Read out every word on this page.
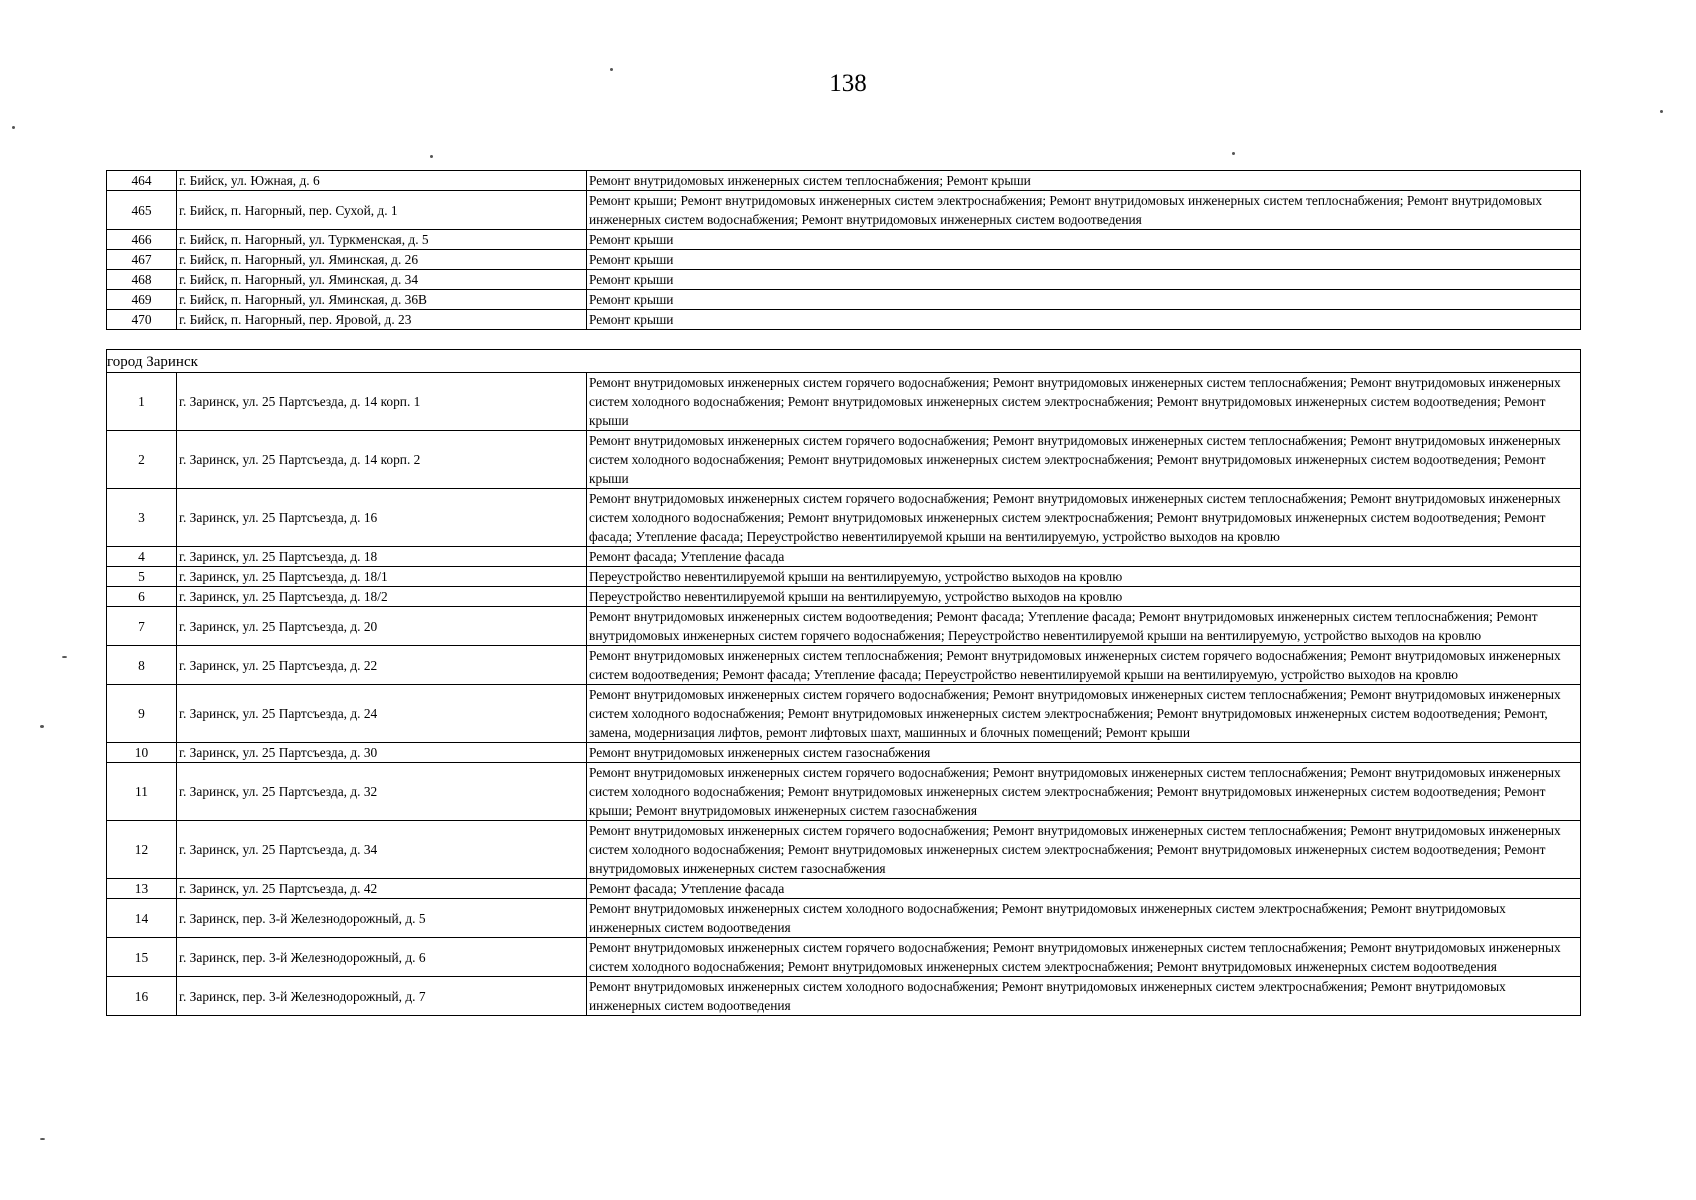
138
464	г. Бийск, ул. Южная, д. 6	Ремонт внутридомовых инженерных систем теплоснабжения; Ремонт крыши
465	г. Бийск, п. Нагорный, пер. Сухой, д. 1	Ремонт крыши; Ремонт внутридомовых инженерных систем электроснабжения; Ремонт внутридомовых инженерных систем теплоснабжения; Ремонт внутридомовых инженерных систем водоснабжения; Ремонт внутридомовых инженерных систем водоотведения
466	г. Бийск, п. Нагорный, ул. Туркменская, д. 5	Ремонт крыши
467	г. Бийск, п. Нагорный, ул. Яминская, д. 26	Ремонт крыши
468	г. Бийск, п. Нагорный, ул. Яминская, д. 34	Ремонт крыши
469	г. Бийск, п. Нагорный, ул. Яминская, д. 36В	Ремонт крыши
470	г. Бийск, п. Нагорный, пер. Яровой, д. 23	Ремонт крыши

город Заринск		
1	г. Заринск, ул. 25 Партсъезда, д. 14 корп. 1	Ремонт внутридомовых инженерных систем горячего водоснабжения; Ремонт внутридомовых инженерных систем теплоснабжения; Ремонт внутридомовых инженерных систем холодного водоснабжения; Ремонт внутридомовых инженерных систем электроснабжения; Ремонт внутридомовых инженерных систем водоотведения; Ремонт крыши
2	г. Заринск, ул. 25 Партсъезда, д. 14 корп. 2	Ремонт внутридомовых инженерных систем горячего водоснабжения; Ремонт внутридомовых инженерных систем теплоснабжения; Ремонт внутридомовых инженерных систем холодного водоснабжения; Ремонт внутридомовых инженерных систем электроснабжения; Ремонт внутридомовых инженерных систем водоотведения; Ремонт крыши
3	г. Заринск, ул. 25 Партсъезда, д. 16	Ремонт внутридомовых инженерных систем горячего водоснабжения; Ремонт внутридомовых инженерных систем теплоснабжения; Ремонт внутридомовых инженерных систем холодного водоснабжения; Ремонт внутридомовых инженерных систем электроснабжения; Ремонт внутридомовых инженерных систем водоотведения; Ремонт фасада; Утепление фасада; Переустройство невентилируемой крыши на вентилируемую, устройство выходов на кровлю
4	г. Заринск, ул. 25 Партсъезда, д. 18	Ремонт фасада; Утепление фасада
5	г. Заринск, ул. 25 Партсъезда, д. 18/1	Переустройство невентилируемой крыши на вентилируемую, устройство выходов на кровлю
6	г. Заринск, ул. 25 Партсъезда, д. 18/2	Переустройство невентилируемой крыши на вентилируемую, устройство выходов на кровлю
7	г. Заринск, ул. 25 Партсъезда, д. 20	Ремонт внутридомовых инженерных систем водоотведения; Ремонт фасада; Утепление фасада; Ремонт внутридомовых инженерных систем теплоснабжения; Ремонт внутридомовых инженерных систем горячего водоснабжения; Переустройство невентилируемой крыши на вентилируемую, устройство выходов на кровлю
8	г. Заринск, ул. 25 Партсъезда, д. 22	Ремонт внутридомовых инженерных систем теплоснабжения; Ремонт внутридомовых инженерных систем горячего водоснабжения; Ремонт внутридомовых инженерных систем водоотведения; Ремонт фасада; Утепление фасада; Переустройство невентилируемой крыши на вентилируемую, устройство выходов на кровлю
9	г. Заринск, ул. 25 Партсъезда, д. 24	Ремонт внутридомовых инженерных систем горячего водоснабжения; Ремонт внутридомовых инженерных систем теплоснабжения; Ремонт внутридомовых инженерных систем холодного водоснабжения; Ремонт внутридомовых инженерных систем электроснабжения; Ремонт внутридомовых инженерных систем водоотведения; Ремонт, замена, модернизация лифтов, ремонт лифтовых шахт, машинных и блочных помещений; Ремонт крыши
10	г. Заринск, ул. 25 Партсъезда, д. 30	Ремонт внутридомовых инженерных систем газоснабжения
11	г. Заринск, ул. 25 Партсъезда, д. 32	Ремонт внутридомовых инженерных систем горячего водоснабжения; Ремонт внутридомовых инженерных систем теплоснабжения; Ремонт внутридомовых инженерных систем холодного водоснабжения; Ремонт внутридомовых инженерных систем электроснабжения; Ремонт внутридомовых инженерных систем водоотведения; Ремонт крыши; Ремонт внутридомовых инженерных систем газоснабжения
12	г. Заринск, ул. 25 Партсъезда, д. 34	Ремонт внутридомовых инженерных систем горячего водоснабжения; Ремонт внутридомовых инженерных систем теплоснабжения; Ремонт внутридомовых инженерных систем холодного водоснабжения; Ремонт внутридомовых инженерных систем электроснабжения; Ремонт внутридомовых инженерных систем водоотведения; Ремонт внутридомовых инженерных систем газоснабжения
13	г. Заринск, ул. 25 Партсъезда, д. 42	Ремонт фасада; Утепление фасада
14	г. Заринск, пер. 3-й Железнодорожный, д. 5	Ремонт внутридомовых инженерных систем холодного водоснабжения; Ремонт внутридомовых инженерных систем электроснабжения; Ремонт внутридомовых инженерных систем водоотведения
15	г. Заринск, пер. 3-й Железнодорожный, д. 6	Ремонт внутридомовых инженерных систем горячего водоснабжения; Ремонт внутридомовых инженерных систем теплоснабжения; Ремонт внутридомовых инженерных систем холодного водоснабжения; Ремонт внутридомовых инженерных систем электроснабжения; Ремонт внутридомовых инженерных систем водоотведения
16	г. Заринск, пер. 3-й Железнодорожный, д. 7	Ремонт внутридомовых инженерных систем холодного водоснабжения; Ремонт внутридомовых инженерных систем электроснабжения; Ремонт внутридомовых инженерных систем водоотведения
